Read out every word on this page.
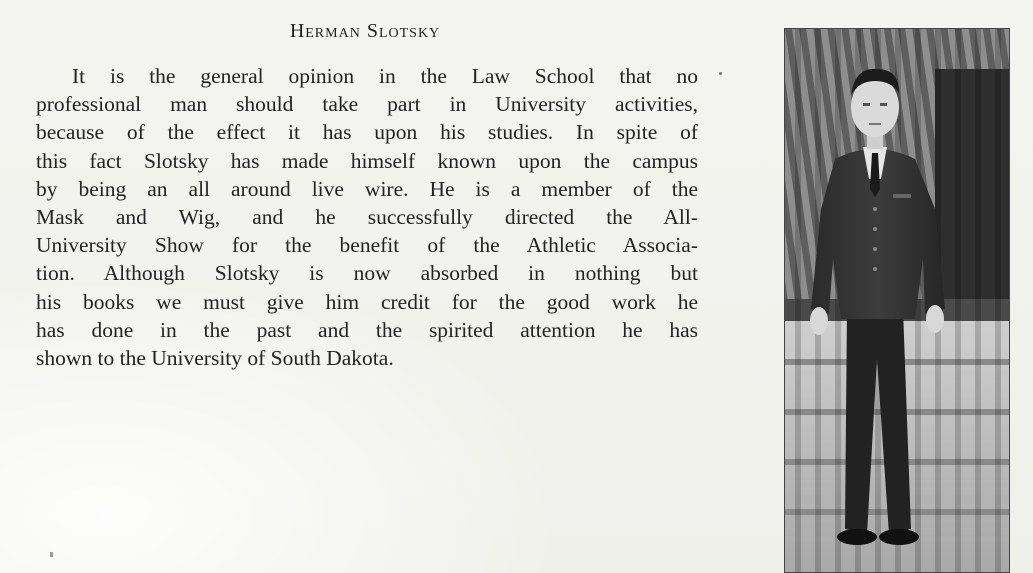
Herman Slotsky
It is the general opinion in the Law School that no
professional man should take part in University activities,
because of the effect it has upon his studies. In spite of
this fact Slotsky has made himself known upon the campus
by being an all around live wire. He is a member of the
Mask and Wig, and he successfully directed the All-
University Show for the benefit of the Athletic Associa-
tion. Although Slotsky is now absorbed in nothing but
his books we must give him credit for the good work he
has done in the past and the spirited attention he has
shown to the University of South Dakota.
